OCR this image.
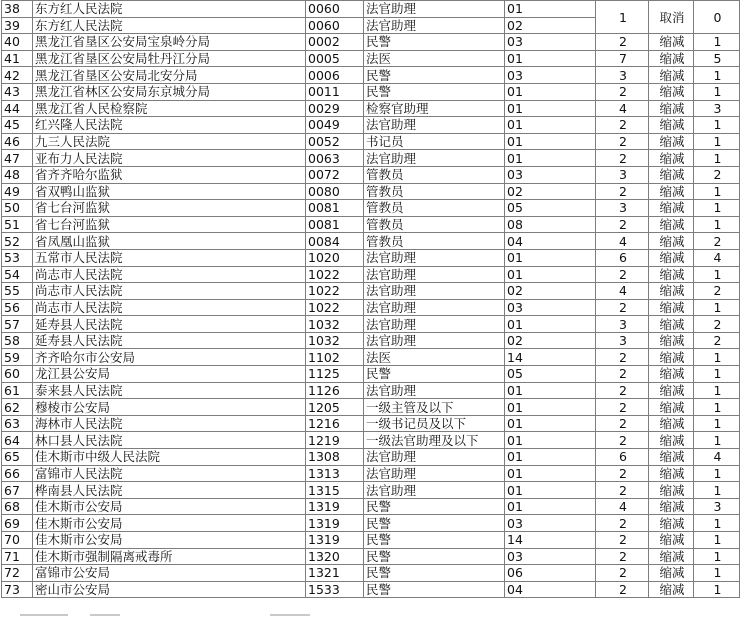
38	东方红人民法院	0060	法官助理	01	1	取消	0
39	东方红人民法院	0060	法官助理	02			
40	黑龙江省垦区公安局宝泉岭分局	0002	民警	03	2	缩减	1
41	黑龙江省垦区公安局牡丹江分局	0005	法医	01	7	缩减	5
42	黑龙江省垦区公安局北安分局	0006	民警	03	3	缩减	1
43	黑龙江省林区公安局东京城分局	0011	民警	01	2	缩减	1
44	黑龙江省人民检察院	0029	检察官助理	01	4	缩减	3
45	红兴隆人民法院	0049	法官助理	01	2	缩减	1
46	九三人民法院	0052	书记员	01	2	缩减	1
47	亚布力人民法院	0063	法官助理	01	2	缩减	1
48	省齐齐哈尔监狱	0072	管教员	03	3	缩减	2
49	省双鸭山监狱	0080	管教员	02	2	缩减	1
50	省七台河监狱	0081	管教员	05	3	缩减	1
51	省七台河监狱	0081	管教员	08	2	缩减	1
52	省凤凰山监狱	0084	管教员	04	4	缩减	2
53	五常市人民法院	1020	法官助理	01	6	缩减	4
54	尚志市人民法院	1022	法官助理	01	2	缩减	1
55	尚志市人民法院	1022	法官助理	02	4	缩减	2
56	尚志市人民法院	1022	法官助理	03	2	缩减	1
57	延寿县人民法院	1032	法官助理	01	3	缩减	2
58	延寿县人民法院	1032	法官助理	02	3	缩减	2
59	齐齐哈尔市公安局	1102	法医	14	2	缩减	1
60	龙江县公安局	1125	民警	05	2	缩减	1
61	泰来县人民法院	1126	法官助理	01	2	缩减	1
62	穆棱市公安局	1205	一级主管及以下	01	2	缩减	1
63	海林市人民法院	1216	一级书记员及以下	01	2	缩减	1
64	林口县人民法院	1219	一级法官助理及以下	01	2	缩减	1
65	佳木斯市中级人民法院	1308	法官助理	01	6	缩减	4
66	富锦市人民法院	1313	法官助理	01	2	缩减	1
67	桦南县人民法院	1315	法官助理	01	2	缩减	1
68	佳木斯市公安局	1319	民警	01	4	缩减	3
69	佳木斯市公安局	1319	民警	03	2	缩减	1
70	佳木斯市公安局	1319	民警	14	2	缩减	1
71	佳木斯市强制隔离戒毒所	1320	民警	03	2	缩减	1
72	富锦市公安局	1321	民警	06	2	缩减	1
73	密山市公安局	1533	民警	04	2	缩减	1
